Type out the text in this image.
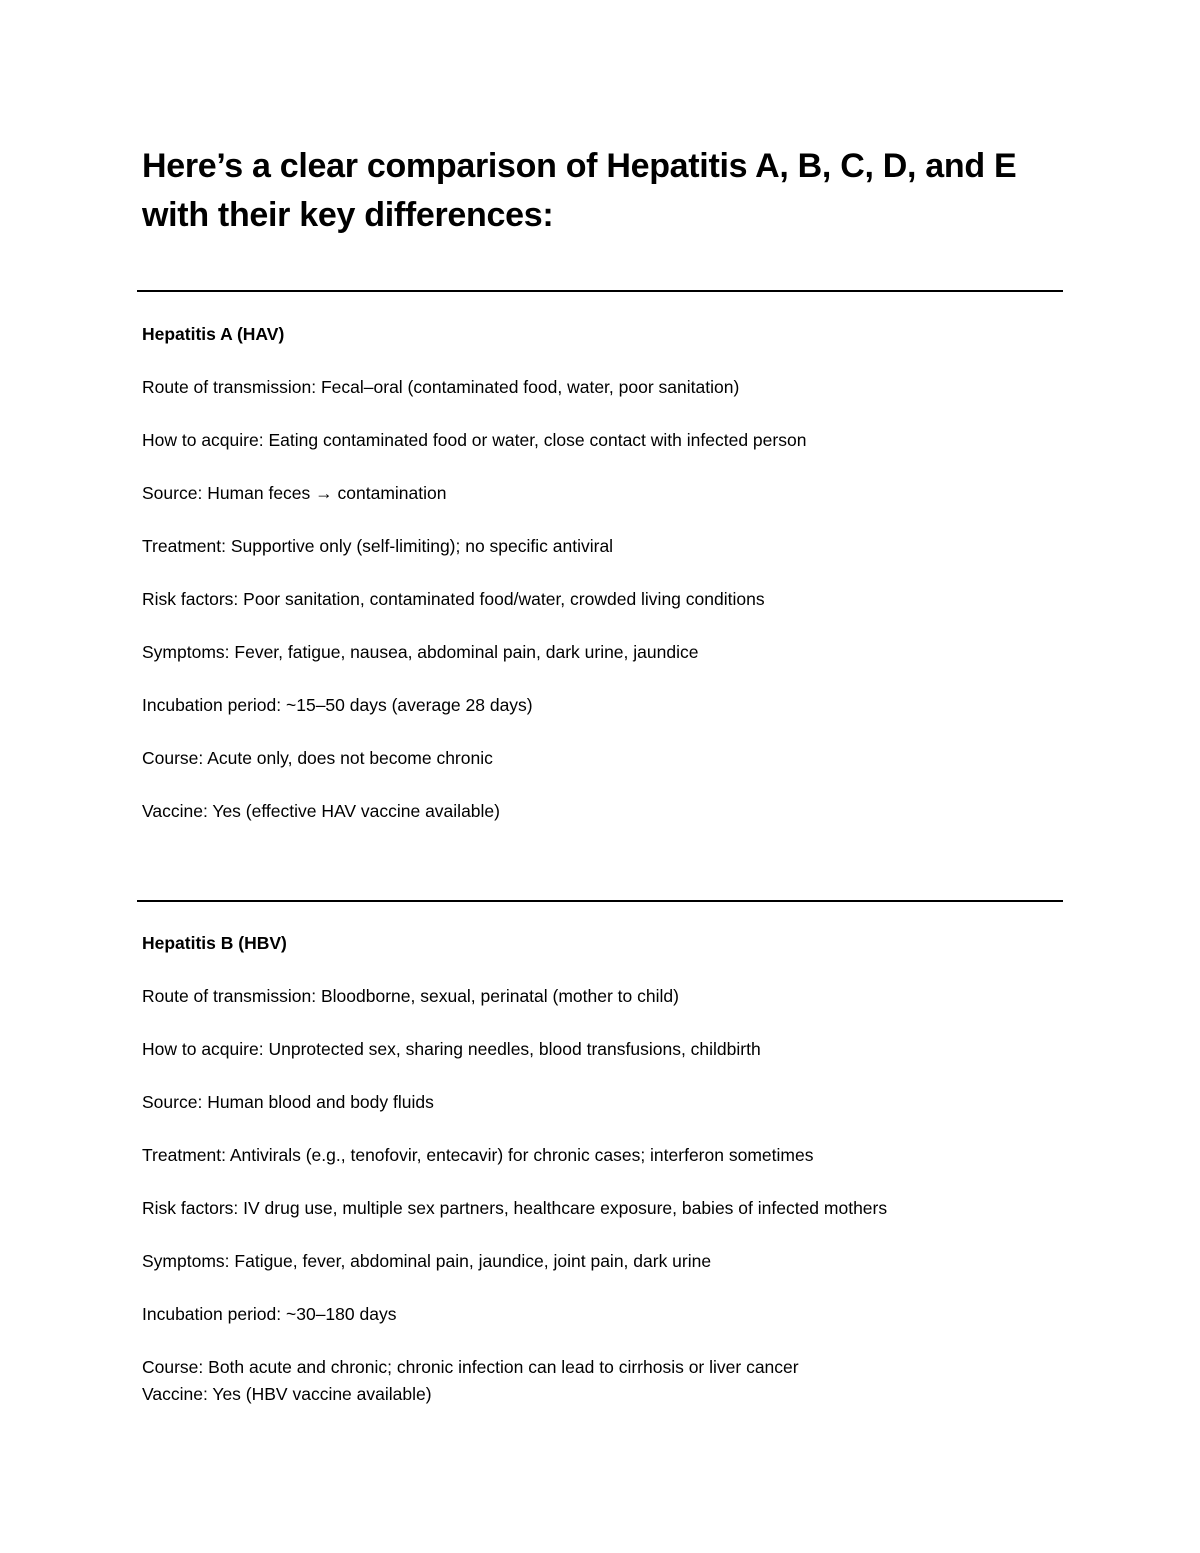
Here’s a clear comparison of Hepatitis A, B, C, D, and E with their key differences:

Hepatitis A (HAV)

Route of transmission: Fecal–oral (contaminated food, water, poor sanitation)

How to acquire: Eating contaminated food or water, close contact with infected person

Source: Human feces → contamination

Treatment: Supportive only (self-limiting); no specific antiviral

Risk factors: Poor sanitation, contaminated food/water, crowded living conditions

Symptoms: Fever, fatigue, nausea, abdominal pain, dark urine, jaundice

Incubation period: ~15–50 days (average 28 days)

Course: Acute only, does not become chronic

Vaccine: Yes (effective HAV vaccine available)

Hepatitis B (HBV)

Route of transmission: Bloodborne, sexual, perinatal (mother to child)

How to acquire: Unprotected sex, sharing needles, blood transfusions, childbirth

Source: Human blood and body fluids

Treatment: Antivirals (e.g., tenofovir, entecavir) for chronic cases; interferon sometimes

Risk factors: IV drug use, multiple sex partners, healthcare exposure, babies of infected mothers

Symptoms: Fatigue, fever, abdominal pain, jaundice, joint pain, dark urine

Incubation period: ~30–180 days

Course: Both acute and chronic; chronic infection can lead to cirrhosis or liver cancer

Vaccine: Yes (HBV vaccine available)
